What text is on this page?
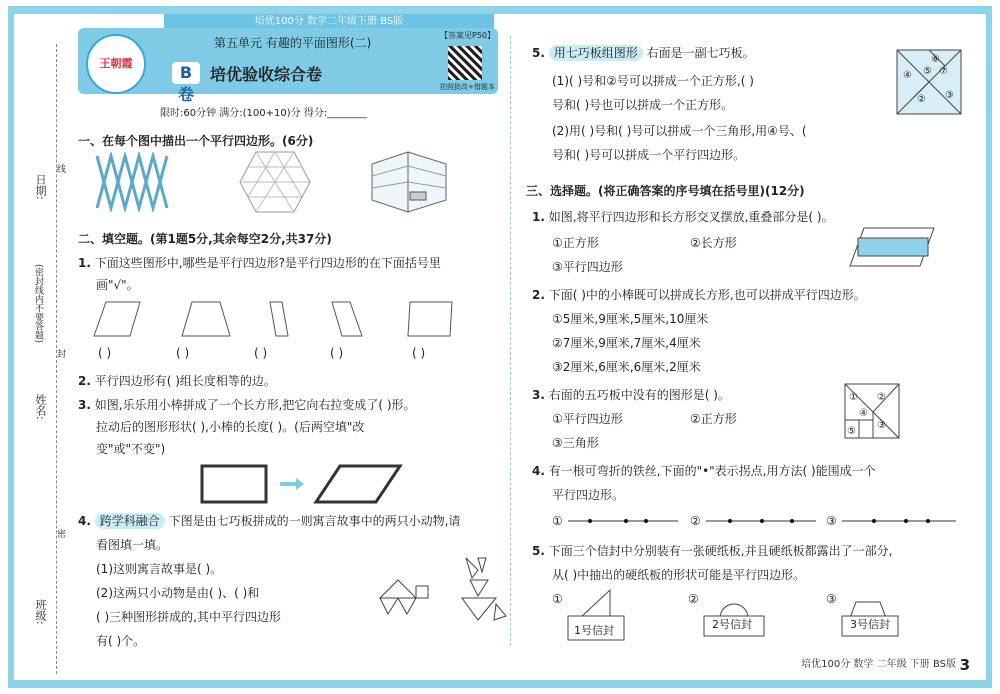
培优100分 数学二年级下册 BS版
培优100分 数学 二年级 下册 BS版 3
日期:
(密封线内不要答题)
姓名:
班级:
线
封
密
王朝霞
第五单元 有趣的平面图形(二)
B卷
培优验收综合卷
【答案见P50】
拍照批改+错题本
限时:60分钟 满分:(100+10)分 得分:________
一、在每个图中描出一个平行四边形。(6分)
二、填空题。(第1题5分,其余每空2分,共37分)
1. 下面这些图形中,哪些是平行四边形?是平行四边形的在下面括号里
画"√"。
( )	( )	( )	( )	( )
2. 平行四边形有( )组长度相等的边。
3. 如图,乐乐用小棒拼成了一个长方形,把它向右拉变成了( )形。
拉动后的图形形状( ),小棒的长度( )。(后两空填"改
变"或"不变")
4. 跨学科融合 下图是由七巧板拼成的一则寓言故事中的两只小动物,请
看图填一填。
(1)这则寓言故事是( )。
(2)这两只小动物是由( )、( )和
( )三种图形拼成的,其中平行四边形
有( )个。
5. 用七巧板组图形 右面是一副七巧板。
(1)( )号和②号可以拼成一个正方形,( )
号和( )号也可以拼成一个正方形。
(2)用( )号和( )号可以拼成一个三角形,用④号、(
号和( )号可以拼成一个平行四边形。
⑥
④ ⑤ ⑦
② ③
三、选择题。(将正确答案的序号填在括号里)(12分)
1. 如图,将平行四边形和长方形交叉摆放,重叠部分是( )。
①正方形	②长方形
③平行四边形
2. 下面( )中的小棒既可以拼成长方形,也可以拼成平行四边形。
①5厘米,9厘米,5厘米,10厘米
②7厘米,9厘米,7厘米,4厘米
③2厘米,6厘米,6厘米,2厘米
3. 右面的五巧板中没有的图形是( )。
①平行四边形	②正方形
③三角形
① ②
③
④
⑤
4. 有一根可弯折的铁丝,下面的"•"表示拐点,用方法( )能围成一个
平行四边形。
①	②	③
5. 下面三个信封中分别装有一张硬纸板,并且硬纸板都露出了一部分,
从( )中抽出的硬纸板的形状可能是平行四边形。
①	②	③
1号信封	2号信封	3号信封
